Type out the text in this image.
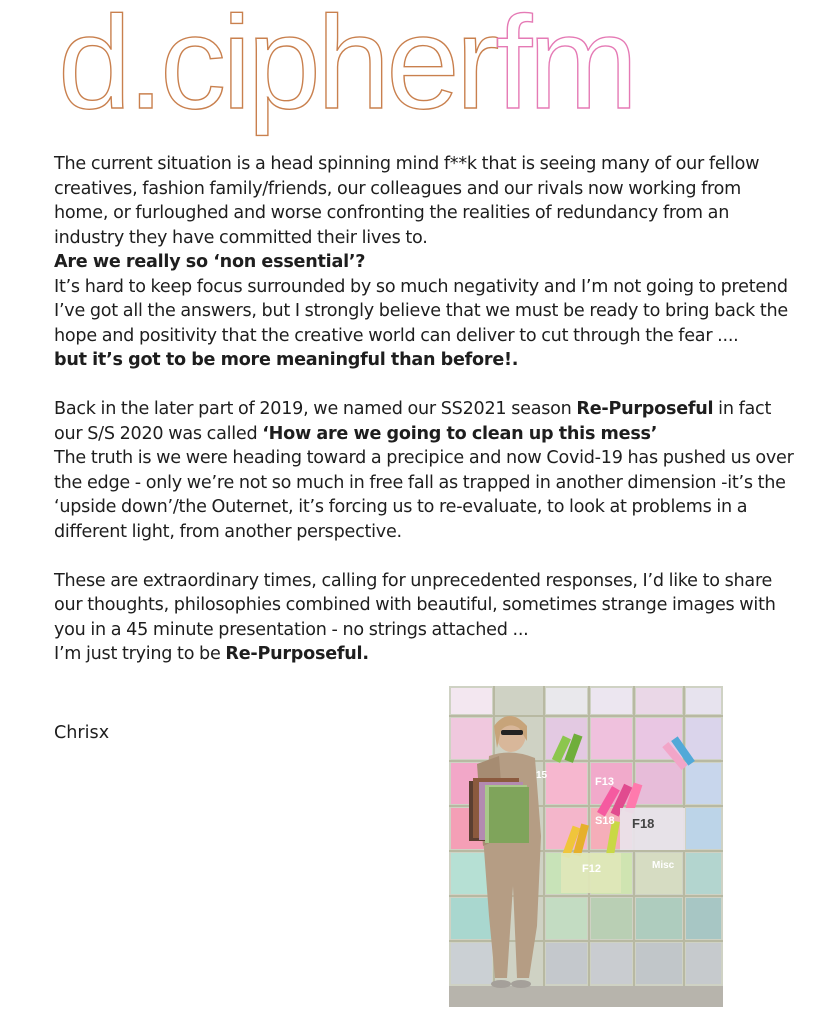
d.cipherfm

The current situation is a head spinning mind f**k that is seeing many of our fellow creatives, fashion family/friends, our colleagues and our rivals now working from home, or furloughed and worse confronting the realities of redundancy from an industry they have committed their lives to.

Are we really so ‘non essential’?

It’s hard to keep focus surrounded by so much negativity and I’m not going to pretend I’ve got all the answers, but I strongly believe that we must be ready to bring back the hope and positivity that the creative world can deliver to cut through the fear ....

but it’s got to be more meaningful than before!.

Back in the later part of 2019, we named our SS2021 season Re-Purposeful in fact our S/S 2020 was called ‘How are we going to clean up this mess’

The truth is we were heading toward a precipice and now Covid-19 has pushed us over the edge - only we’re not so much in free fall as trapped in another dimension -it’s the ‘upside down’/the Outernet, it’s forcing us to re-evaluate, to look at problems in a different light, from another perspective.

These are extraordinary times, calling for unprecedented responses, I’d like to share our thoughts, philosophies combined with beautiful, sometimes strange images with you in a 45 minute presentation - no strings attached ...

I’m just trying to be Re-Purposeful.

Chrisx
F18
F12
F13
S18
Misc
15
